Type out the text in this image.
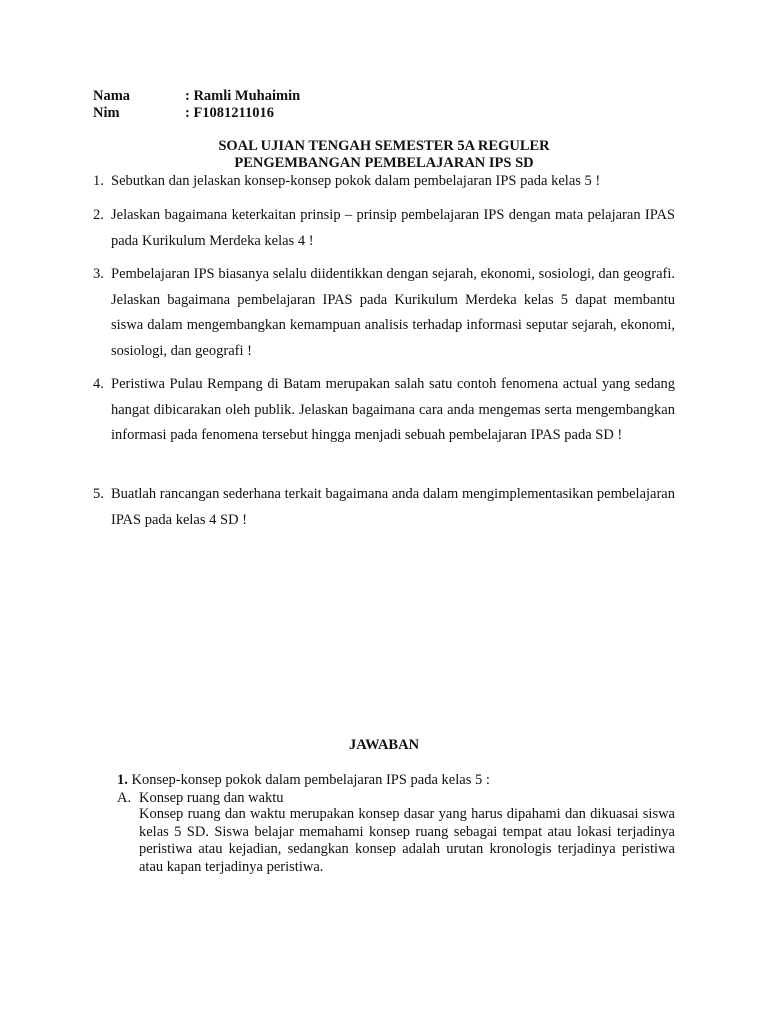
Nama	: Ramli Muhaimin
Nim	: F1081211016
SOAL UJIAN TENGAH SEMESTER 5A REGULER
PENGEMBANGAN PEMBELAJARAN IPS SD
1. Sebutkan dan jelaskan konsep-konsep pokok dalam pembelajaran IPS pada kelas 5 !
2. Jelaskan bagaimana keterkaitan prinsip – prinsip pembelajaran IPS dengan mata pelajaran IPAS pada Kurikulum Merdeka kelas 4 !
3. Pembelajaran IPS biasanya selalu diidentikkan dengan sejarah, ekonomi, sosiologi, dan geografi. Jelaskan bagaimana pembelajaran IPAS pada Kurikulum Merdeka kelas 5 dapat membantu siswa dalam mengembangkan kemampuan analisis terhadap informasi seputar sejarah, ekonomi, sosiologi, dan geografi !
4. Peristiwa Pulau Rempang di Batam merupakan salah satu contoh fenomena actual yang sedang hangat dibicarakan oleh publik. Jelaskan bagaimana cara anda mengemas serta mengembangkan informasi pada fenomena tersebut hingga menjadi sebuah pembelajaran IPAS pada SD !
5. Buatlah rancangan sederhana terkait bagaimana anda dalam mengimplementasikan pembelajaran IPAS pada kelas 4 SD !
JAWABAN
1. Konsep-konsep pokok dalam pembelajaran IPS pada kelas 5 :
A. Konsep ruang dan waktu
Konsep ruang dan waktu merupakan konsep dasar yang harus dipahami dan dikuasai siswa kelas 5 SD. Siswa belajar memahami konsep ruang sebagai tempat atau lokasi terjadinya peristiwa atau kejadian, sedangkan konsep adalah urutan kronologis terjadinya peristiwa atau kapan terjadinya peristiwa.
